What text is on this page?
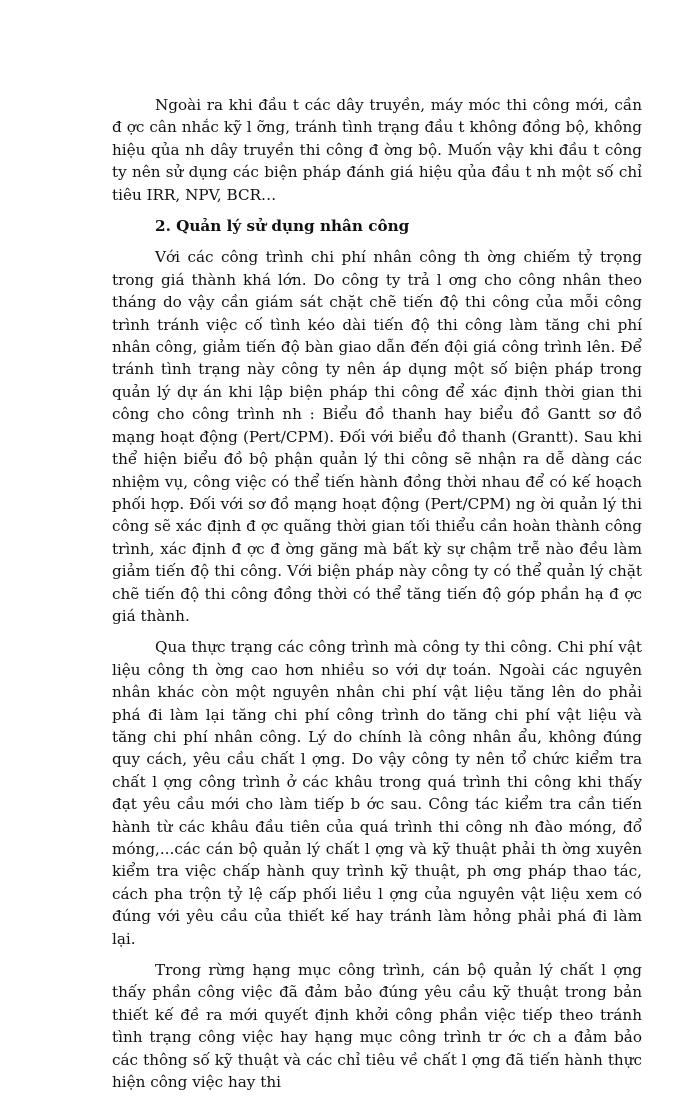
Ngoài ra khi đầu t các dây truyền, máy móc thi công mới, cần đ ợc cân nhắc kỹ l ỡng, tránh tình trạng đầu t không đồng bộ, không hiệu qủa nh dây truyền thi công đ ờng bộ. Muốn vậy khi đầu t công ty nên sử dụng các biện pháp đánh giá hiệu qủa đầu t nh một số chỉ tiêu IRR, NPV, BCR…

2. Quản lý sử dụng nhân công

Với các công trình chi phí nhân công th ờng chiếm tỷ trọng trong giá thành khá lớn. Do công ty trả l ơng cho công nhân theo tháng do vậy cần giám sát chặt chẽ tiến độ thi công của mỗi công trình tránh việc cố tình kéo dài tiến độ thi công làm tăng chi phí nhân công, giảm tiến độ bàn giao dẫn đến đội giá công trình lên. Để tránh tình trạng này công ty nên áp dụng một số biện pháp trong quản lý dự án khi lập biện pháp thi công để xác định thời gian thi công cho công trình nh : Biểu đồ thanh hay biểu đồ Gantt sơ đồ mạng hoạt động (Pert/CPM). Đối với biểu đồ thanh (Grantt). Sau khi thể hiện biểu đồ bộ phận quản lý thi công sẽ nhận ra dễ dàng các nhiệm vụ, công việc có thể tiến hành đồng thời nhau để có kế hoạch phối hợp. Đối với sơ đồ mạng hoạt động (Pert/CPM) ng ời quản lý thi công sẽ xác định đ ợc quãng thời gian tối thiểu cần hoàn thành công trình, xác định đ ợc đ ờng găng mà bất kỳ sự chậm trễ nào đều làm giảm tiến độ thi công. Với biện pháp này công ty có thể quản lý chặt chẽ tiến độ thi công đồng thời có thể tăng tiến độ góp phần hạ đ ợc giá thành.

Qua thực trạng các công trình mà công ty thi công. Chi phí vật liệu công th ờng cao hơn nhiều so với dự toán. Ngoài các nguyên nhân khác còn một nguyên nhân chi phí vật liệu tăng lên do phải phá đi làm lại tăng chi phí công trình do tăng chi phí vật liệu và tăng chi phí nhân công. Lý do chính là công nhân ẩu, không đúng quy cách, yêu cầu chất l ợng. Do vậy công ty nên tổ chức kiểm tra chất l ợng công trình ở các khâu trong quá trình thi công khi thấy đạt yêu cầu mới cho làm tiếp b ớc sau. Công tác kiểm tra cần tiến hành từ các khâu đầu tiên của quá trình thi công nh đào móng, đổ móng,...các cán bộ quản lý chất l ợng và kỹ thuật phải th ờng xuyên kiểm tra việc chấp hành quy trình kỹ thuật, ph ơng pháp thao tác, cách pha trộn tỷ lệ cấp phối liều l ợng của nguyên vật liệu xem có đúng với yêu cầu của thiết kế hay tránh làm hỏng phải phá đi làm lại.

Trong rừng hạng mục công trình, cán bộ quản lý chất l ợng thấy phần công việc đã đảm bảo đúng yêu cầu kỹ thuật trong bản thiết kế đề ra mới quyết định khởi công phần việc tiếp theo tránh tình trạng công việc hay hạng mục công trình tr ớc ch a đảm bảo các thông số kỹ thuật và các chỉ tiêu về chất l ợng đã tiến hành thực hiện công việc hay thi
